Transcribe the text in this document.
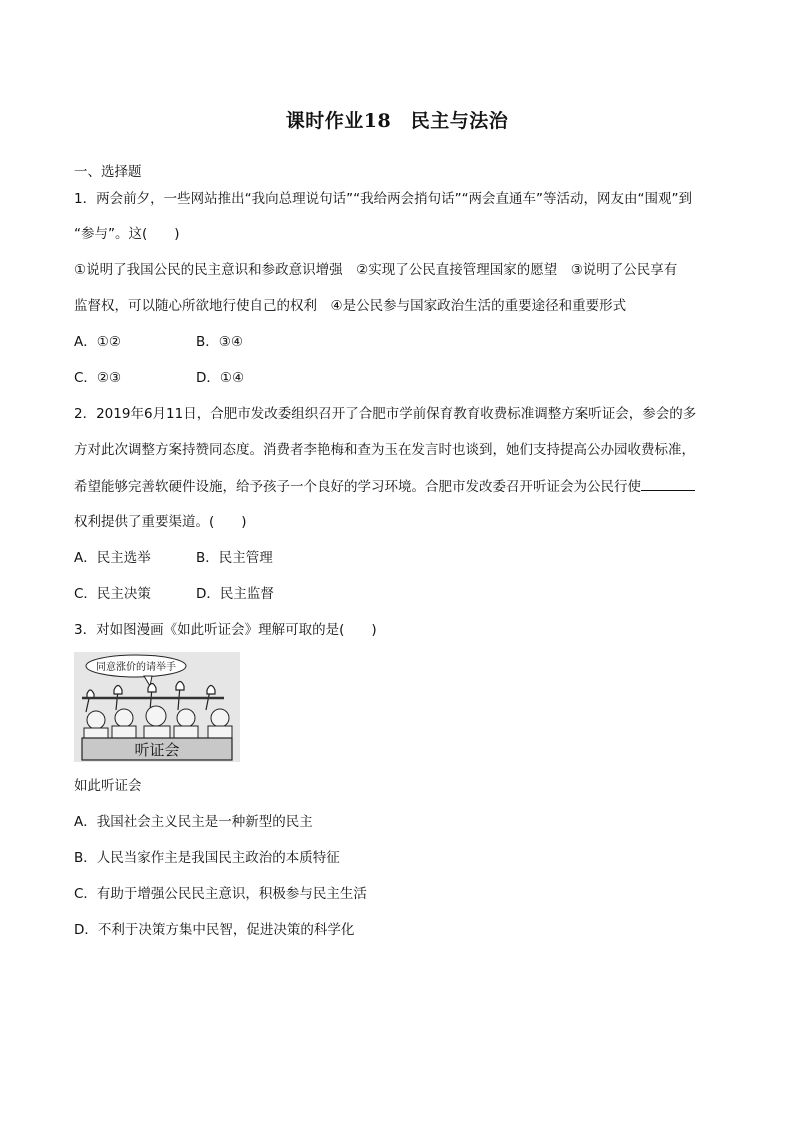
课时作业18　民主与法治
一、选择题
1．两会前夕，一些网站推出“我向总理说句话”“我给两会捎句话”“两会直通车”等活动，网友由“围观”到
“参与”。这(　　)
①说明了我国公民的民主意识和参政意识增强　②实现了公民直接管理国家的愿望　③说明了公民享有
监督权，可以随心所欲地行使自己的权利　④是公民参与国家政治生活的重要途径和重要形式
A．①②	B．③④
C．②③	D．①④
2．2019年6月11日，合肥市发改委组织召开了合肥市学前保育教育收费标准调整方案听证会，参会的多
方对此次调整方案持赞同态度。消费者李艳梅和查为玉在发言时也谈到，她们支持提高公办园收费标准，
希望能够完善软硬件设施，给予孩子一个良好的学习环境。合肥市发改委召开听证会为公民行使
权利提供了重要渠道。(　　)
A．民主选举	B．民主管理
C．民主决策	D．民主监督
3．对如图漫画《如此听证会》理解可取的是(　　)
同意涨价的请举手
听证会
如此听证会
A．我国社会主义民主是一种新型的民主
B．人民当家作主是我国民主政治的本质特征
C．有助于增强公民民主意识，积极参与民主生活
D．不利于决策方集中民智，促进决策的科学化
